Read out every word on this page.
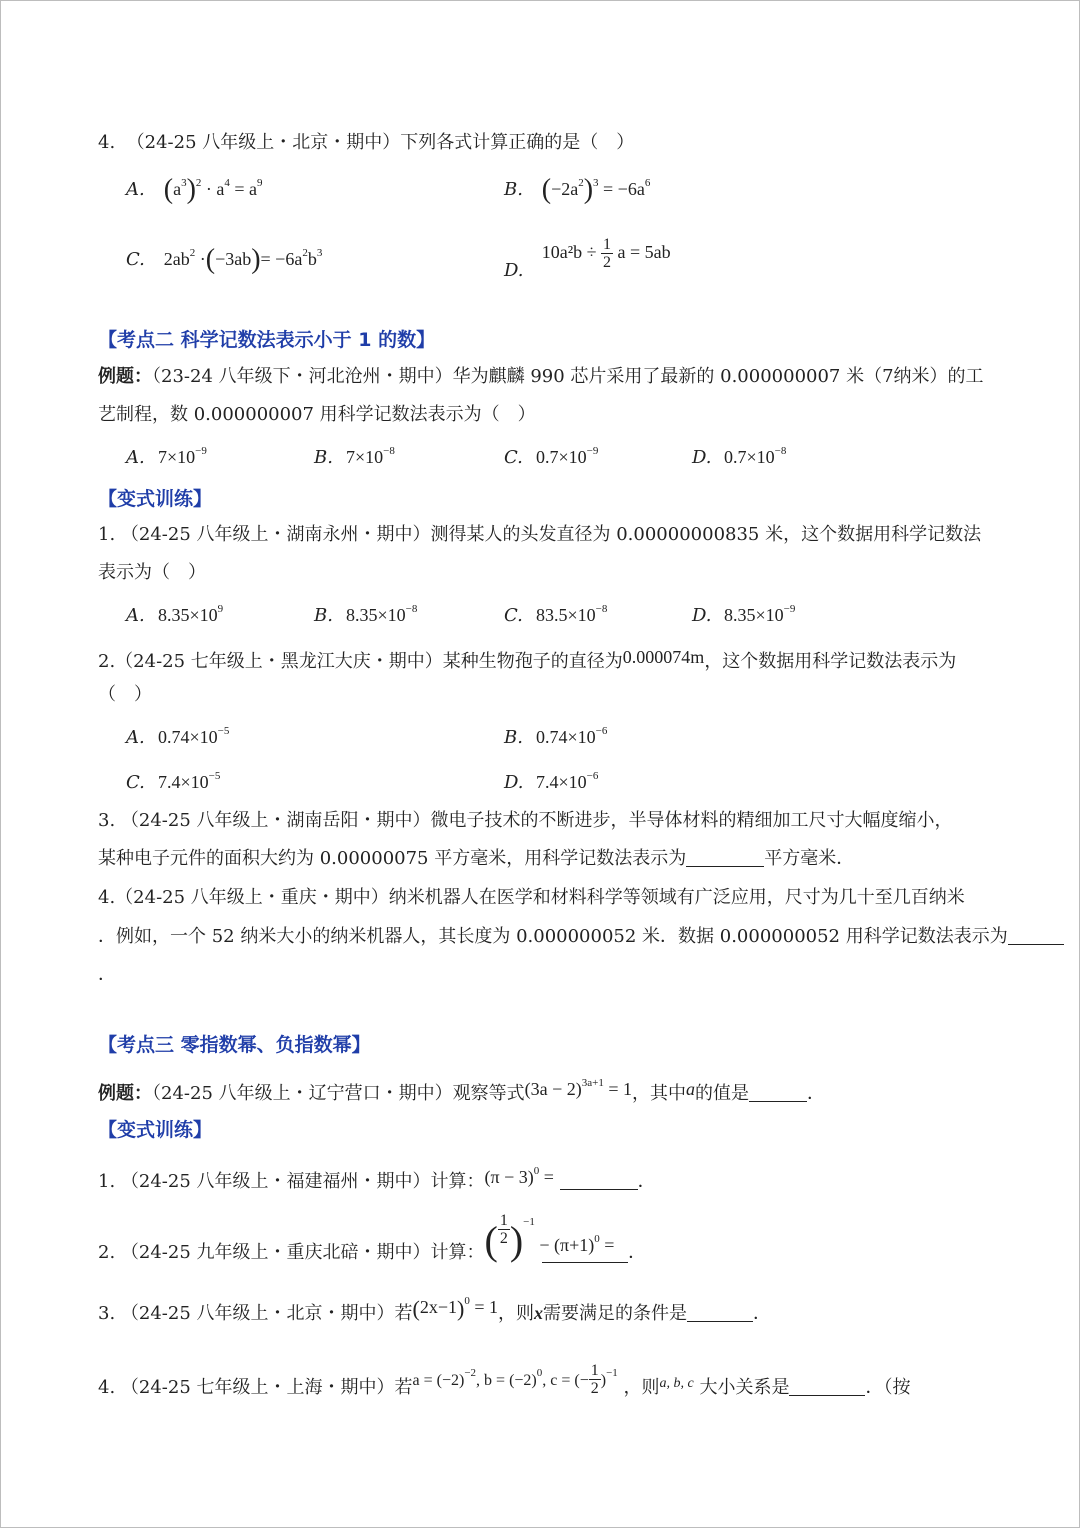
4. （24-25 八年级上・北京・期中）下列各式计算正确的是（　）
A. $(a^3)^2 \cdot a^4 = a^9$	B. $(-2a^2)^3 = -6a^6$
C. $2ab^2 \cdot(-3ab)= -6a^2b^3$
D. $10a^2b \div \frac{1}{2}$ a = 5ab
【考点二 科学记数法表示小于 1 的数】
例题：（23-24 八年级下・河北沧州・期中）华为麒麟 990 芯片采用了最新的 0.000000007 米（7纳米）的工
艺制程，数 0.000000007 用科学记数法表示为（　）
A. $7\times 10^{-9}$	B. $7\times 10^{-8}$	C. $0.7\times 10^{-9}$	D. $0.7\times 10^{-8}$
【变式训练】
1. （24-25 八年级上・湖南永州・期中）测得某人的头发直径为 0.00000000835 米，这个数据用科学记数法
表示为（　）
A. $8.35\times 10^9$	B. $8.35\times 10^{-8}$	C. $83.5\times 10^{-8}$	D. $8.35\times 10^{-9}$
2.（24-25 七年级上・黑龙江大庆・期中）某种生物孢子的直径为0.000074m，这个数据用科学记数法表示为
（　）
A. $0.74\times 10^{-5}$	B. $0.74\times 10^{-6}$
C. $7.4\times 10^{-5}$	D. $7.4\times 10^{-6}$
3. （24-25 八年级上・湖南岳阳・期中）微电子技术的不断进步，半导体材料的精细加工尺寸大幅度缩小，
某种电子元件的面积大约为 0.00000075 平方毫米，用科学记数法表示为	平方毫米．
4.（24-25 八年级上・重庆・期中）纳米机器人在医学和材料科学等领域有广泛应用，尺寸为几十至几百纳米
．例如，一个 52 纳米大小的纳米机器人，其长度为 0.000000052 米．数据 0.000000052 用科学记数法表示为
．
【考点三 零指数幂、负指数幂】
例题：（24-25 八年级上・辽宁营口・期中）观察等式$(3a - 2)^{3a+1} = 1$，其中a的值是	．
【变式训练】
1. （24-25 八年级上・福建福州・期中）计算：$(\pi - 3)^0$ =	．
2. （24-25 九年级上・重庆北碚・期中）计算：( $\frac{1}{2} )^{-1} - (\pi+1)^0$ = ．
3. （24-25 八年级上・北京・期中）若$(2x-1)^0 = 1$，则x需要满足的条件是	．
4. （24-25 七年级上・上海・期中）若$a = (-2)^{-2}$, $b = (-2)^0$, c = (− $\frac{1}{2} )^{-1}$ ，则$^{a, b, c}$ 大小关系是	．（按
